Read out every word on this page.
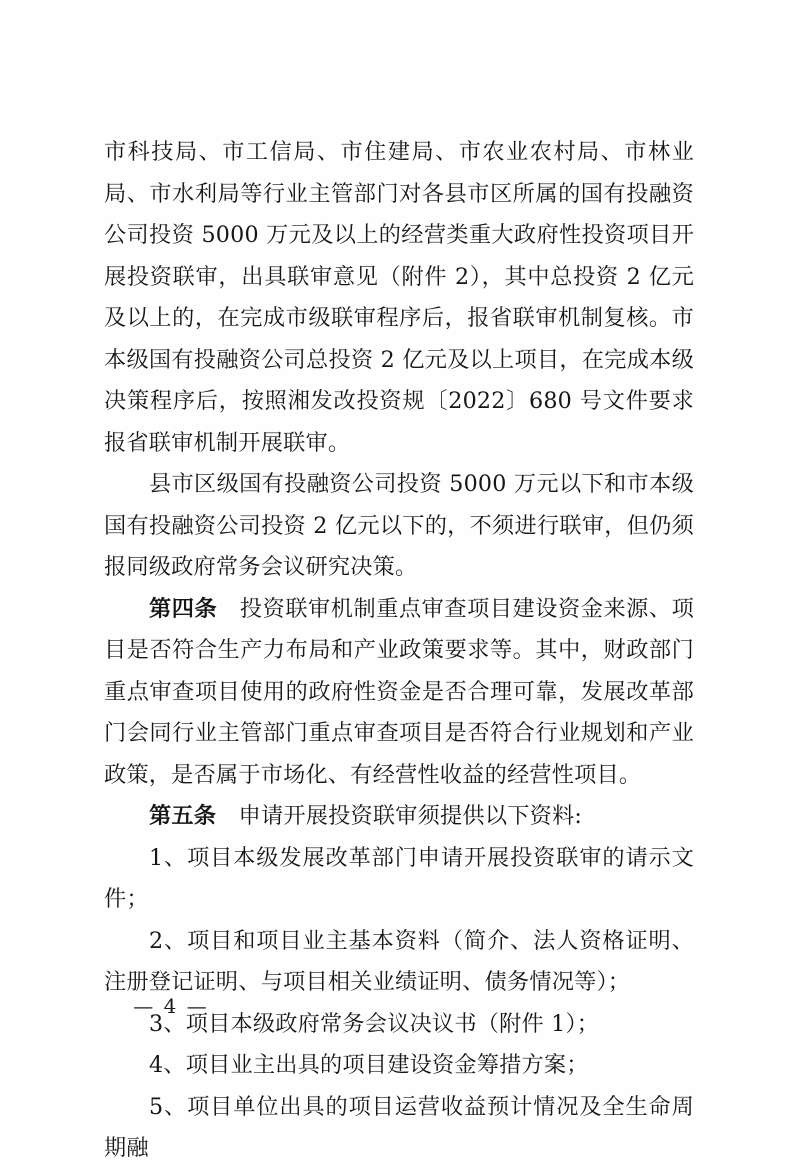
市科技局、市工信局、市住建局、市农业农村局、市林业局、市水利局等行业主管部门对各县市区所属的国有投融资公司投资 5000 万元及以上的经营类重大政府性投资项目开展投资联审，出具联审意见（附件 2），其中总投资 2 亿元及以上的，在完成市级联审程序后，报省联审机制复核。市本级国有投融资公司总投资 2 亿元及以上项目，在完成本级决策程序后，按照湘发改投资规〔2022〕680 号文件要求报省联审机制开展联审。

县市区级国有投融资公司投资 5000 万元以下和市本级国有投融资公司投资 2 亿元以下的，不须进行联审，但仍须报同级政府常务会议研究决策。

第四条　投资联审机制重点审查项目建设资金来源、项目是否符合生产力布局和产业政策要求等。其中，财政部门重点审查项目使用的政府性资金是否合理可靠，发展改革部门会同行业主管部门重点审查项目是否符合行业规划和产业政策，是否属于市场化、有经营性收益的经营性项目。

第五条　申请开展投资联审须提供以下资料:

1、项目本级发展改革部门申请开展投资联审的请示文件；

2、项目和项目业主基本资料（简介、法人资格证明、注册登记证明、与项目相关业绩证明、债务情况等）；

3、项目本级政府常务会议决议书（附件 1）；

4、项目业主出具的项目建设资金筹措方案；

5、项目单位出具的项目运营收益预计情况及全生命周期融

— 4 —
